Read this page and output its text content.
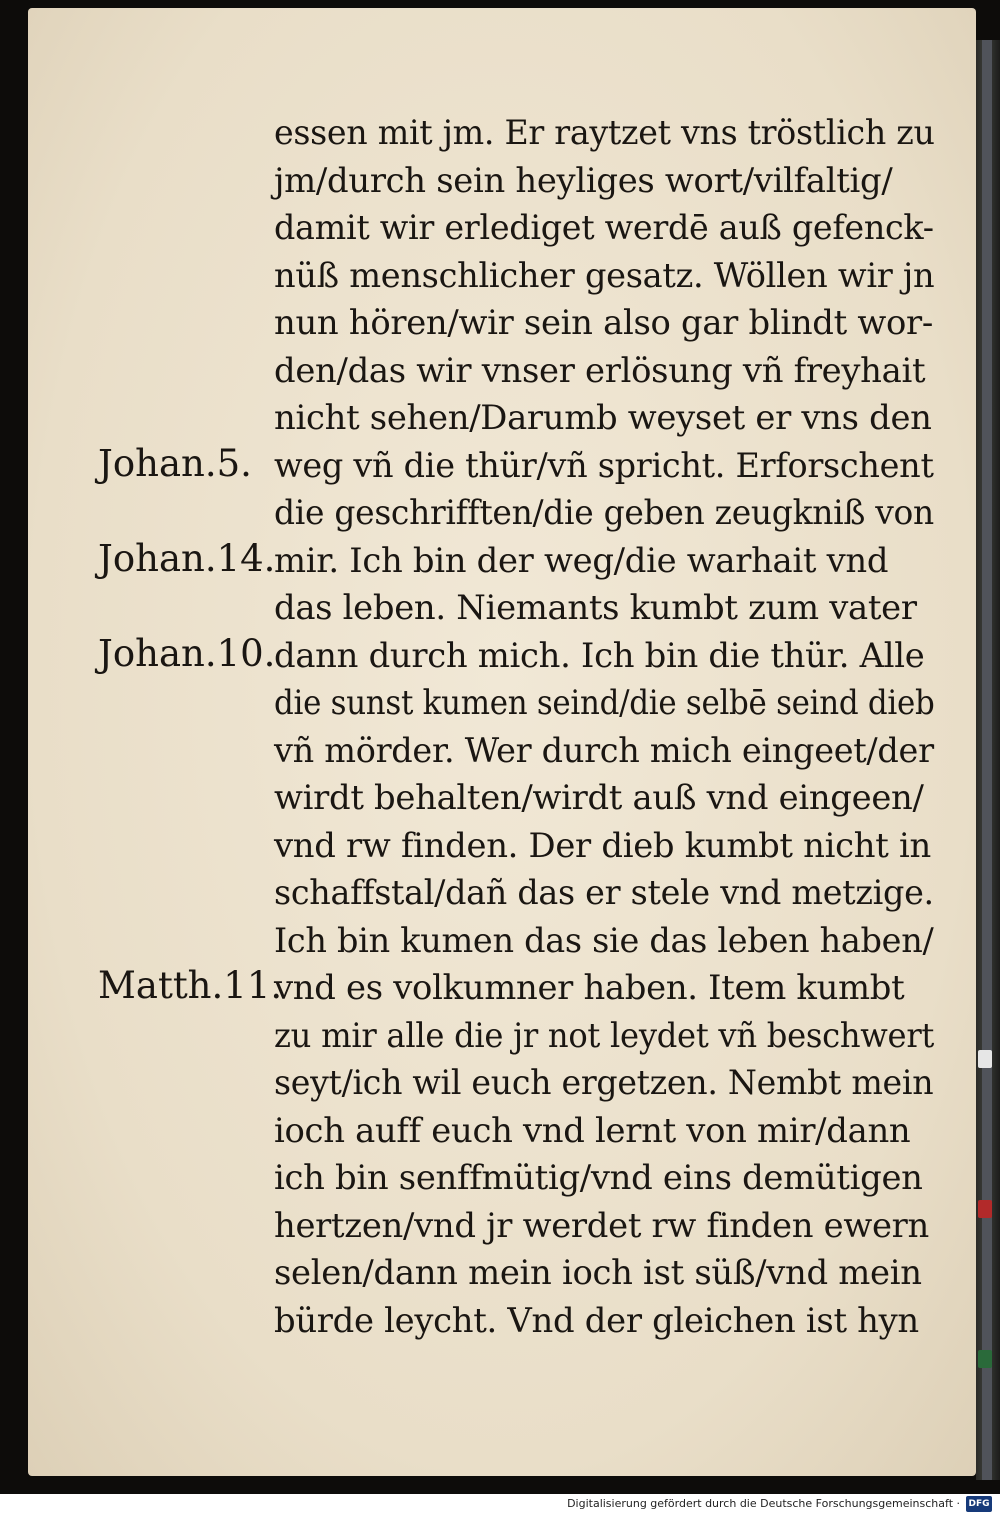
Johan.5.
Johan.14.
Johan.10.
Matth.11.
essen mit jm. Er raytzet vns tröstlich zu
jm/durch sein heyliges wort/vilfaltig/
damit wir erlediget werdē auß gefenck-
nüß menschlicher gesatz. Wöllen wir jn
nun hören/wir sein also gar blindt wor-
den/das wir vnser erlösung vñ freyhait
nicht sehen/Darumb weyset er vns den
weg vñ die thür/vñ spricht. Erforschent
die geschrifften/die geben zeugkniß von
mir. Ich bin der weg/die warhait vnd
das leben. Niemants kumbt zum vater
dann durch mich. Ich bin die thür. Alle
die sunst kumen seind/die selbē seind dieb
vñ mörder. Wer durch mich eingeet/der
wirdt behalten/wirdt auß vnd eingeen/
vnd rw finden. Der dieb kumbt nicht in
schaffstal/dañ das er stele vnd metzige.
Ich bin kumen das sie das leben haben/
vnd es volkumner haben. Item kumbt
zu mir alle die jr not leydet vñ beschwert
seyt/ich wil euch ergetzen. Nembt mein
ioch auff euch vnd lernt von mir/dann
ich bin senffmütig/vnd eins demütigen
hertzen/vnd jr werdet rw finden ewern
selen/dann mein ioch ist süß/vnd mein
bürde leycht. Vnd der gleichen ist hyn
Digitalisierung gefördert durch die Deutsche Forschungsgemeinschaft · DFG
